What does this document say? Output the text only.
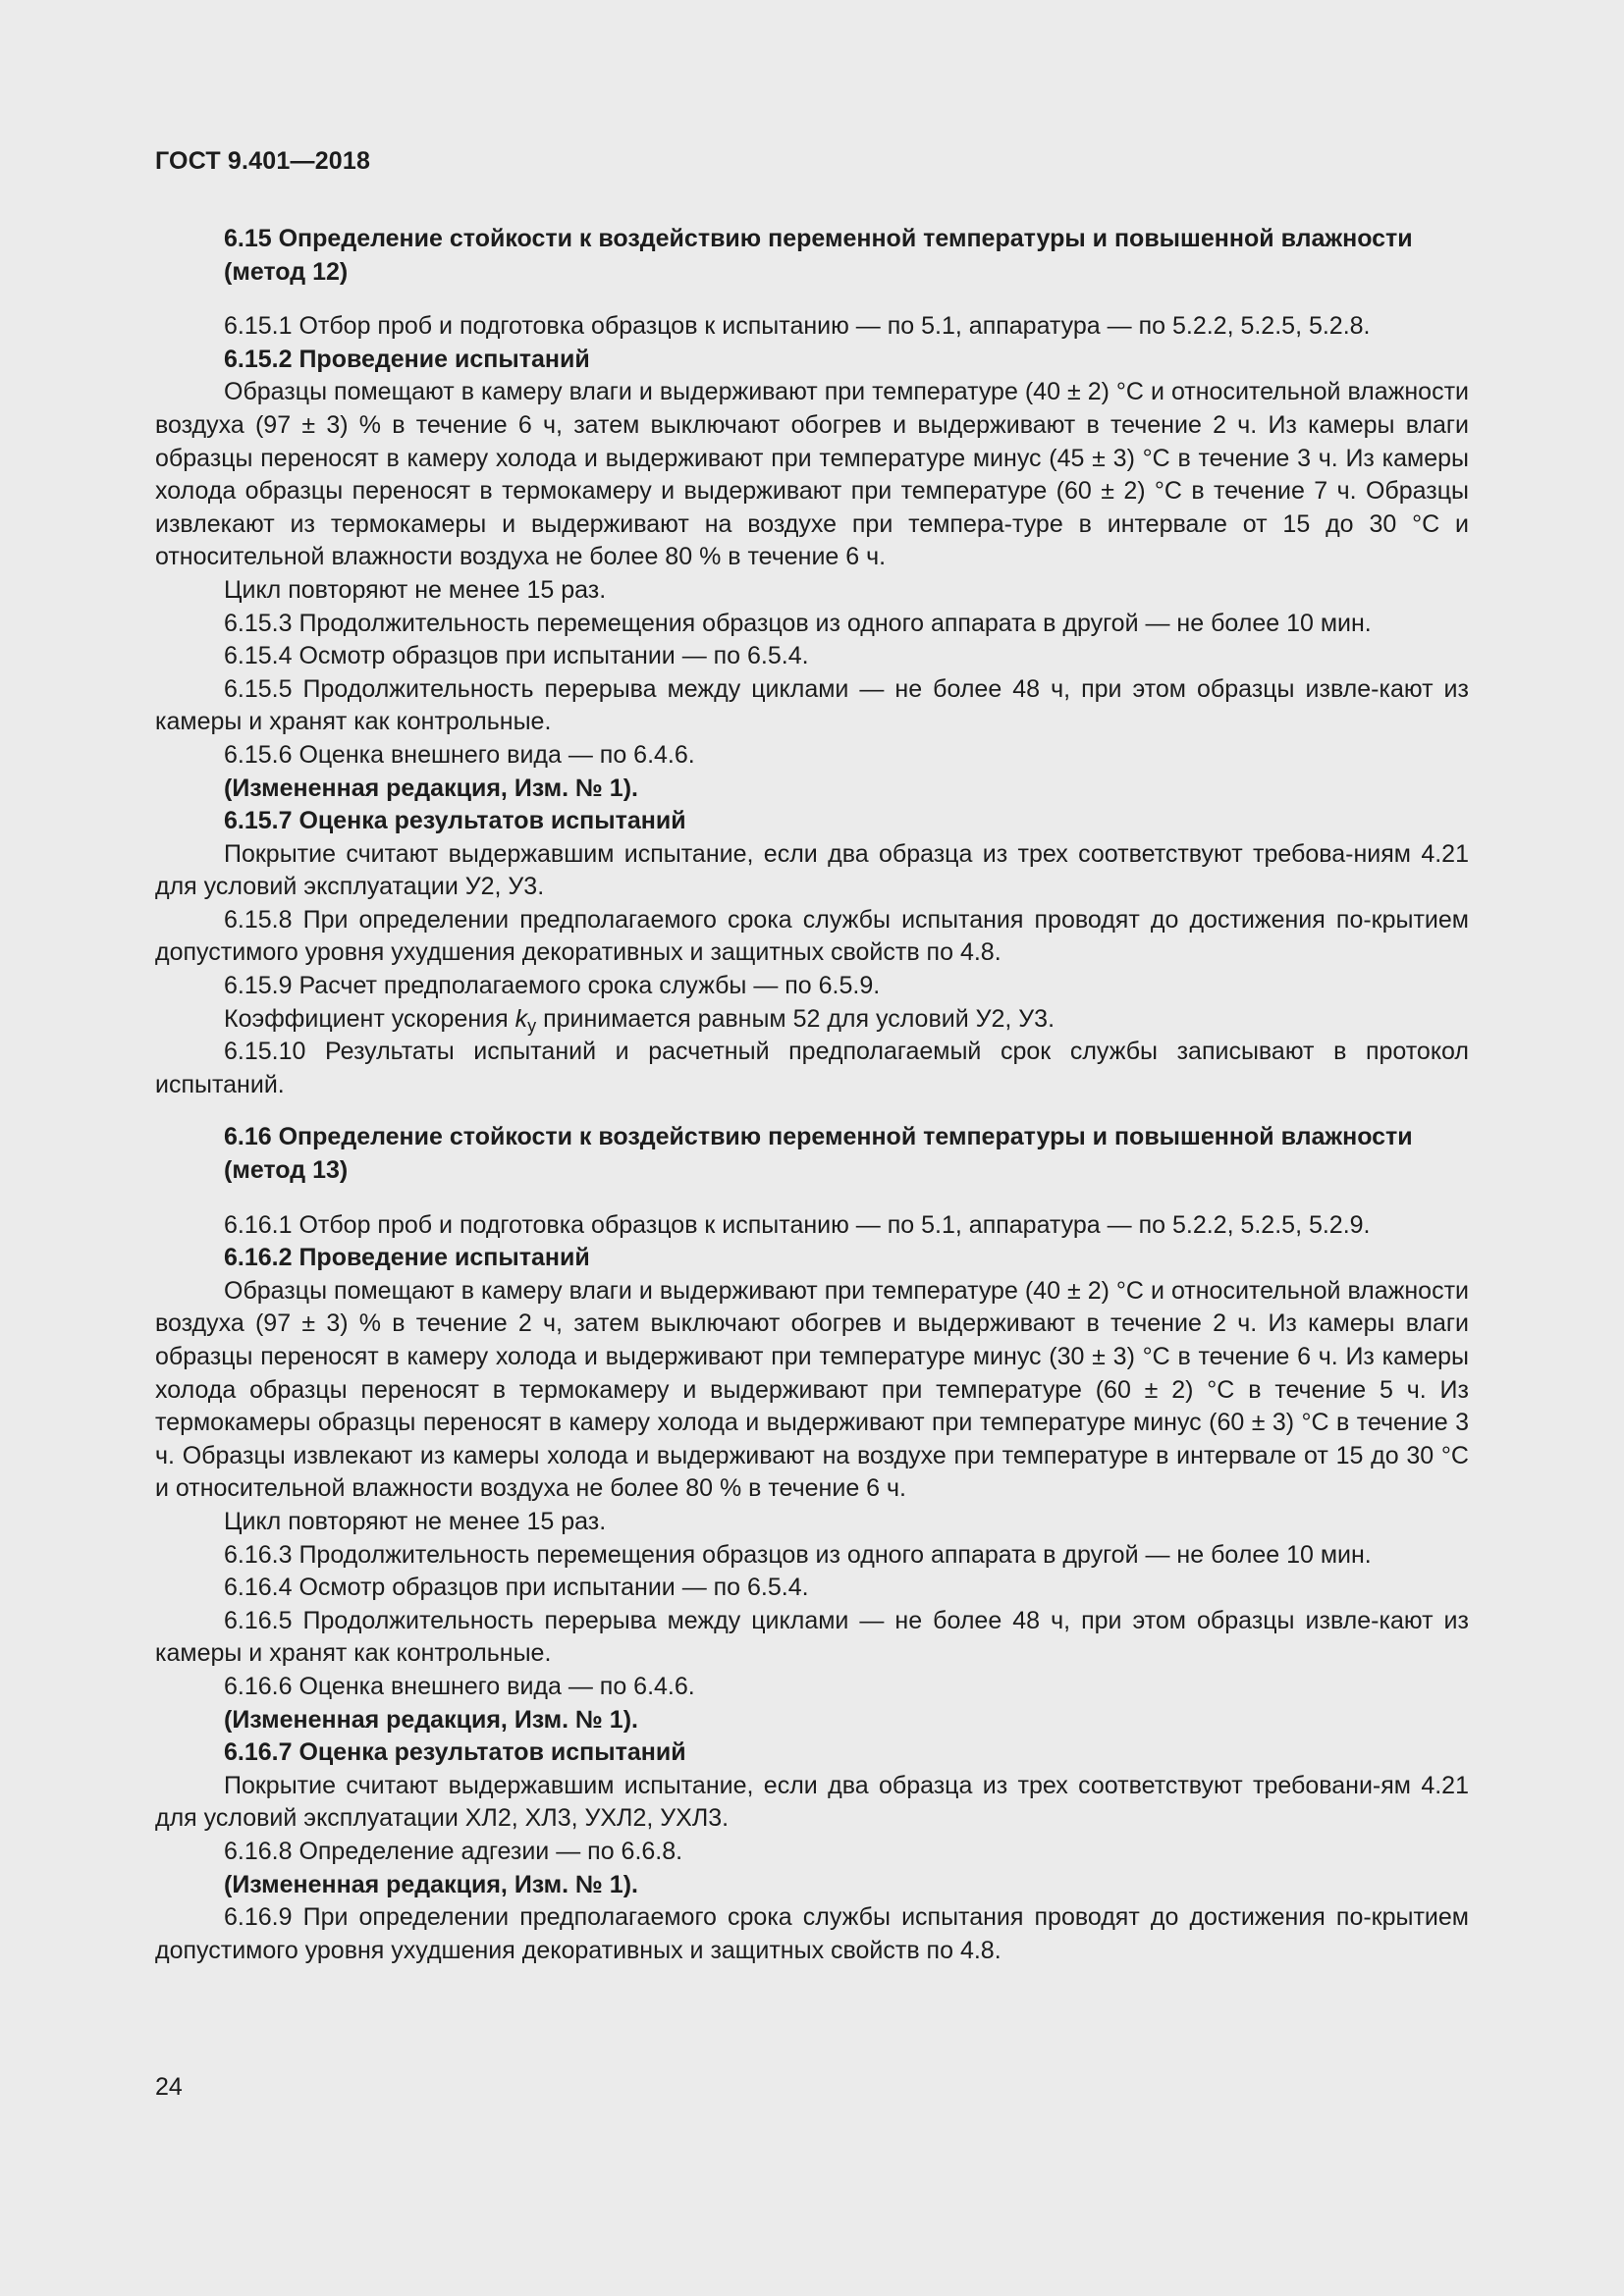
ГОСТ 9.401—2018
6.15 Определение стойкости к воздействию переменной температуры и повышенной влажности (метод 12)

6.15.1 Отбор проб и подготовка образцов к испытанию — по 5.1, аппаратура — по 5.2.2, 5.2.5, 5.2.8.

6.15.2 Проведение испытаний

Образцы помещают в камеру влаги и выдерживают при температуре (40 ± 2) °С и относительной влажности воздуха (97 ± 3) % в течение 6 ч, затем выключают обогрев и выдерживают в течение 2 ч. Из камеры влаги образцы переносят в камеру холода и выдерживают при температуре минус (45 ± 3) °С в течение 3 ч. Из камеры холода образцы переносят в термокамеру и выдерживают при температуре (60 ± 2) °С в течение 7 ч. Образцы извлекают из термокамеры и выдерживают на воздухе при темпера-туре в интервале от 15 до 30 °С и относительной влажности воздуха не более 80 % в течение 6 ч.

Цикл повторяют не менее 15 раз.

6.15.3 Продолжительность перемещения образцов из одного аппарата в другой — не более 10 мин.

6.15.4 Осмотр образцов при испытании — по 6.5.4.

6.15.5 Продолжительность перерыва между циклами — не более 48 ч, при этом образцы извле-кают из камеры и хранят как контрольные.

6.15.6 Оценка внешнего вида — по 6.4.6.

(Измененная редакция, Изм. № 1).

6.15.7 Оценка результатов испытаний

Покрытие считают выдержавшим испытание, если два образца из трех соответствуют требова-ниям 4.21 для условий эксплуатации У2, У3.

6.15.8 При определении предполагаемого срока службы испытания проводят до достижения по-крытием допустимого уровня ухудшения декоративных и защитных свойств по 4.8.

6.15.9 Расчет предполагаемого срока службы — по 6.5.9.

Коэффициент ускорения $k_у$ принимается равным 52 для условий У2, У3.

6.15.10 Результаты испытаний и расчетный предполагаемый срок службы записывают в протокол испытаний.

6.16 Определение стойкости к воздействию переменной температуры и повышенной влажности (метод 13)

6.16.1 Отбор проб и подготовка образцов к испытанию — по 5.1, аппаратура — по 5.2.2, 5.2.5, 5.2.9.

6.16.2 Проведение испытаний

Образцы помещают в камеру влаги и выдерживают при температуре (40 ± 2) °С и относительной влажности воздуха (97 ± 3) % в течение 2 ч, затем выключают обогрев и выдерживают в течение 2 ч. Из камеры влаги образцы переносят в камеру холода и выдерживают при температуре минус (30 ± 3) °С в течение 6 ч. Из камеры холода образцы переносят в термокамеру и выдерживают при температуре (60 ± 2) °С в течение 5 ч. Из термокамеры образцы переносят в камеру холода и выдерживают при температуре минус (60 ± 3) °С в течение 3 ч. Образцы извлекают из камеры холода и выдерживают на воздухе при температуре в интервале от 15 до 30 °С и относительной влажности воздуха не более 80 % в течение 6 ч.

Цикл повторяют не менее 15 раз.

6.16.3 Продолжительность перемещения образцов из одного аппарата в другой — не более 10 мин.

6.16.4 Осмотр образцов при испытании — по 6.5.4.

6.16.5 Продолжительность перерыва между циклами — не более 48 ч, при этом образцы извле-кают из камеры и хранят как контрольные.

6.16.6 Оценка внешнего вида — по 6.4.6.

(Измененная редакция, Изм. № 1).

6.16.7 Оценка результатов испытаний

Покрытие считают выдержавшим испытание, если два образца из трех соответствуют требовани-ям 4.21 для условий эксплуатации ХЛ2, ХЛ3, УХЛ2, УХЛ3.

6.16.8 Определение адгезии — по 6.6.8.

(Измененная редакция, Изм. № 1).

6.16.9 При определении предполагаемого срока службы испытания проводят до достижения по-крытием допустимого уровня ухудшения декоративных и защитных свойств по 4.8.

24
